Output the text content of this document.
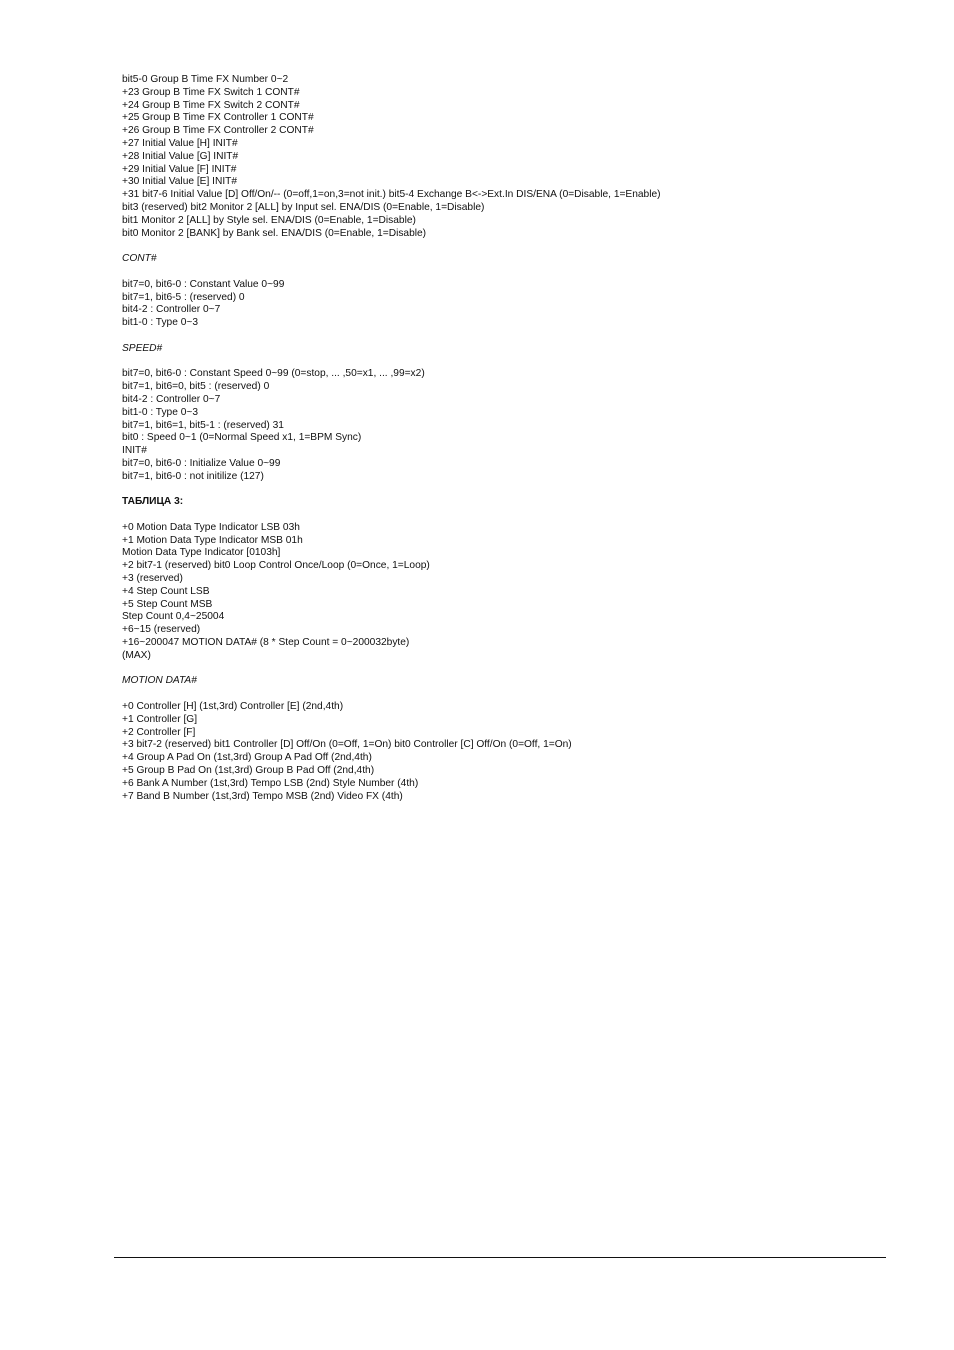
bit5-0 Group B Time FX Number 0~2
+23 Group B Time FX Switch 1 CONT#
+24 Group B Time FX Switch 2 CONT#
+25 Group B Time FX Controller 1 CONT#
+26 Group B Time FX Controller 2 CONT#
+27 Initial Value [H] INIT#
+28 Initial Value [G] INIT#
+29 Initial Value [F] INIT#
+30 Initial Value [E] INIT#
+31 bit7-6 Initial Value [D] Off/On/-- (0=off,1=on,3=not init.) bit5-4 Exchange B<->Ext.In DIS/ENA (0=Disable, 1=Enable)
bit3 (reserved) bit2 Monitor 2 [ALL] by Input sel. ENA/DIS (0=Enable, 1=Disable)
bit1 Monitor 2 [ALL] by Style sel. ENA/DIS (0=Enable, 1=Disable)
bit0 Monitor 2 [BANK] by Bank sel. ENA/DIS (0=Enable, 1=Disable)
CONT#
bit7=0, bit6-0 : Constant Value 0~99
bit7=1, bit6-5 : (reserved) 0
bit4-2 : Controller 0~7
bit1-0 : Type 0~3
SPEED#
bit7=0, bit6-0 : Constant Speed 0~99 (0=stop, ... ,50=x1, ... ,99=x2)
bit7=1, bit6=0, bit5 : (reserved) 0
bit4-2 : Controller 0~7
bit1-0 : Type 0~3
bit7=1, bit6=1, bit5-1 : (reserved) 31
bit0 : Speed 0~1 (0=Normal Speed x1, 1=BPM Sync)
INIT#
bit7=0, bit6-0 : Initialize Value 0~99
bit7=1, bit6-0 : not initilize (127)
ТАБЛИЦА 3:
+0 Motion Data Type Indicator LSB 03h
+1 Motion Data Type Indicator MSB 01h
Motion Data Type Indicator [0103h]
+2 bit7-1 (reserved) bit0 Loop Control Once/Loop (0=Once, 1=Loop)
+3 (reserved)
+4 Step Count LSB
+5 Step Count MSB
Step Count 0,4~25004
+6~15 (reserved)
+16~200047 MOTION DATA# (8 * Step Count = 0~200032byte)
(MAX)
MOTION DATA#
+0 Controller [H] (1st,3rd) Controller [E] (2nd,4th)
+1 Controller [G]
+2 Controller [F]
+3 bit7-2 (reserved) bit1 Controller [D] Off/On (0=Off, 1=On) bit0 Controller [C] Off/On (0=Off, 1=On)
+4 Group A Pad On (1st,3rd) Group A Pad Off (2nd,4th)
+5 Group B Pad On (1st,3rd) Group B Pad Off (2nd,4th)
+6 Bank A Number (1st,3rd) Tempo LSB (2nd) Style Number (4th)
+7 Band B Number (1st,3rd) Tempo MSB (2nd) Video FX (4th)
